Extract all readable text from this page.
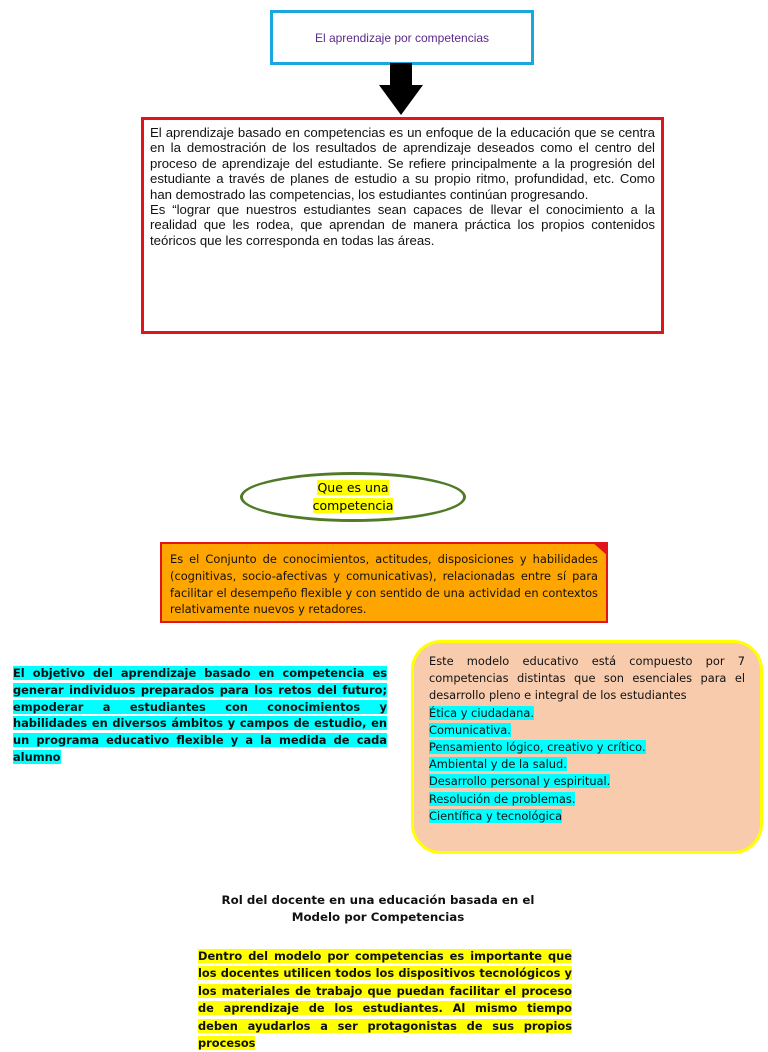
El aprendizaje por competencias

El aprendizaje basado en competencias es un enfoque de la educación que se centra en la demostración de los resultados de aprendizaje deseados como el centro del proceso de aprendizaje del estudiante. Se refiere principalmente a la progresión del estudiante a través de planes de estudio a su propio ritmo, profundidad, etc. Como han demostrado las competencias, los estudiantes continúan progresando.

Es “lograr que nuestros estudiantes sean capaces de llevar el conocimiento a la realidad que les rodea, que aprendan de manera práctica los propios contenidos teóricos que les corresponda en todas las áreas.

Que es una
competencia
Es el Conjunto de conocimientos, actitudes, disposiciones y habilidades (cognitivas, socio-afectivas y comunicativas), relacionadas entre sí para facilitar el desempeño flexible y con sentido de una actividad en contextos relativamente nuevos y retadores.
El objetivo del aprendizaje basado en competencia es generar individuos preparados para los retos del futuro; empoderar a estudiantes con conocimientos y habilidades en diversos ámbitos y campos de estudio, en un programa educativo flexible y a la medida de cada alumno

Este modelo educativo está compuesto por 7 competencias distintas que son esenciales para el desarrollo pleno e integral de los estudiantes

Ética y ciudadana.
Comunicativa.
Pensamiento lógico, creativo y crítico.
Ambiental y de la salud.
Desarrollo personal y espiritual.
Resolución de problemas.
Científica y tecnológica
Rol del docente en una educación basada en el Modelo por Competencias
Dentro del modelo por competencias es importante que los docentes utilicen todos los dispositivos tecnológicos y los materiales de trabajo que puedan facilitar el proceso de aprendizaje de los estudiantes. Al mismo tiempo deben ayudarlos a ser protagonistas de sus propios procesos
